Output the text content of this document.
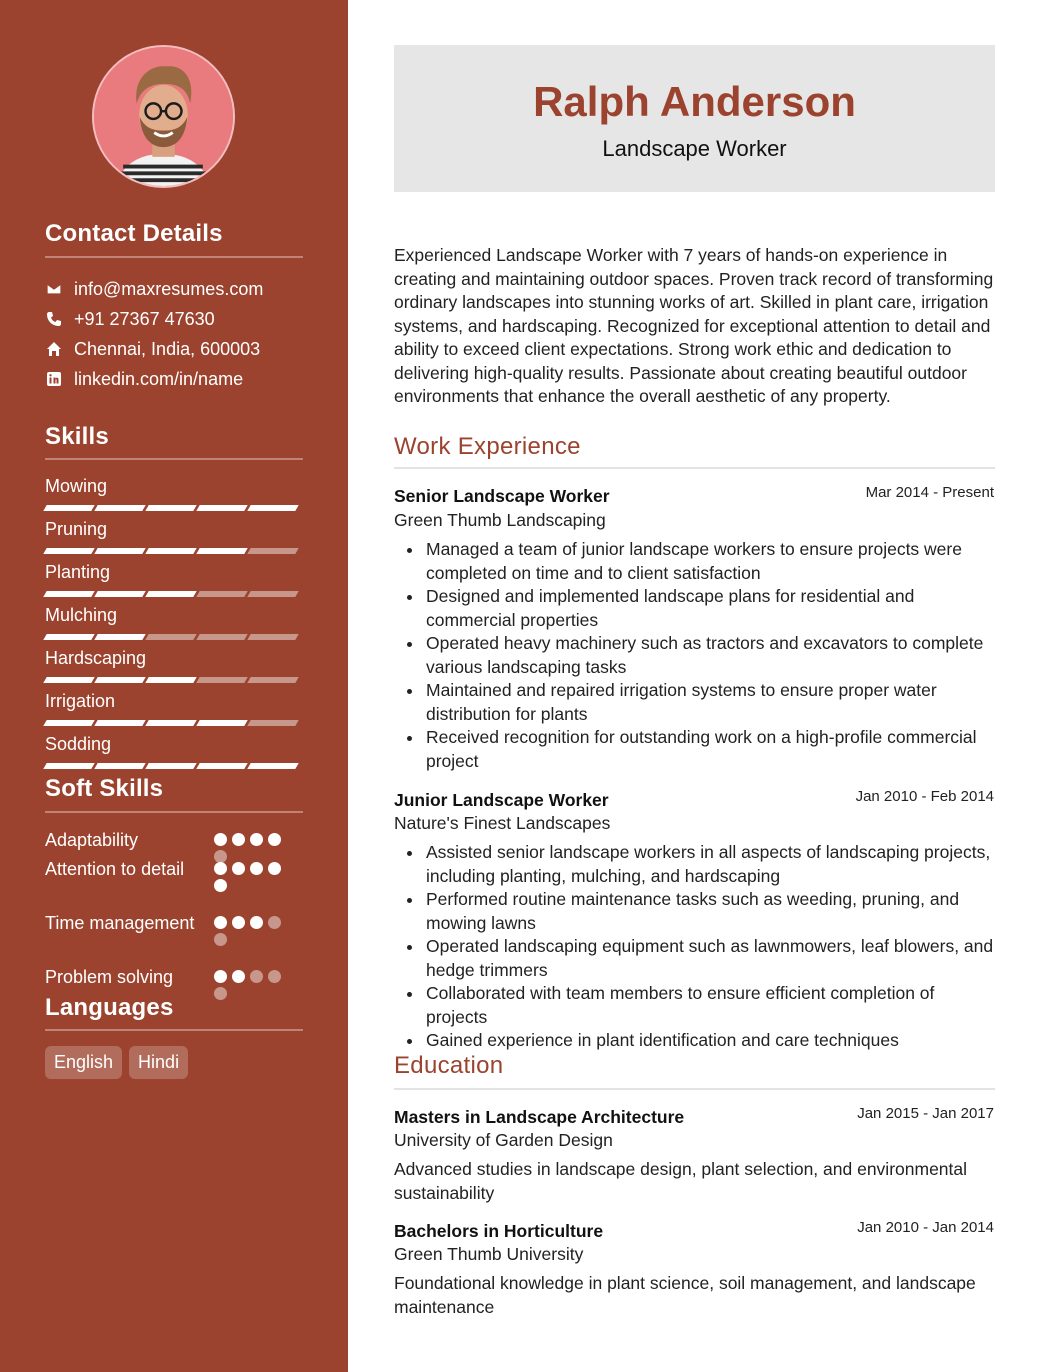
Contact Details
info@maxresumes.com
+91 27367 47630
Chennai, India, 600003
linkedin.com/in/name
Skills
Mowing
Pruning
Planting
Mulching
Hardscaping
Irrigation
Sodding
Soft Skills
Adaptability
Attention to detail
Time management
Problem solving
Languages
English	Hindi
Ralph Anderson
Landscape Worker

Experienced Landscape Worker with 7 years of hands-on experience in creating and maintaining outdoor spaces. Proven track record of transforming ordinary landscapes into stunning works of art. Skilled in plant care, irrigation systems, and hardscaping. Recognized for exceptional attention to detail and ability to exceed client expectations. Strong work ethic and dedication to delivering high-quality results. Passionate about creating beautiful outdoor environments that enhance the overall aesthetic of any property.

Work Experience
Senior Landscape Worker	Mar 2014 - Present
Green Thumb Landscaping
Managed a team of junior landscape workers to ensure projects were completed on time and to client satisfaction
Designed and implemented landscape plans for residential and commercial properties
Operated heavy machinery such as tractors and excavators to complete various landscaping tasks
Maintained and repaired irrigation systems to ensure proper water distribution for plants
Received recognition for outstanding work on a high-profile commercial project
Junior Landscape Worker	Jan 2010 - Feb 2014
Nature's Finest Landscapes
Assisted senior landscape workers in all aspects of landscaping projects, including planting, mulching, and hardscaping
Performed routine maintenance tasks such as weeding, pruning, and mowing lawns
Operated landscaping equipment such as lawnmowers, leaf blowers, and hedge trimmers
Collaborated with team members to ensure efficient completion of projects
Gained experience in plant identification and care techniques
Education
Masters in Landscape Architecture	Jan 2015 - Jan 2017
University of Garden Design

Advanced studies in landscape design, plant selection, and environmental sustainability

Bachelors in Horticulture	Jan 2010 - Jan 2014
Green Thumb University

Foundational knowledge in plant science, soil management, and landscape maintenance
